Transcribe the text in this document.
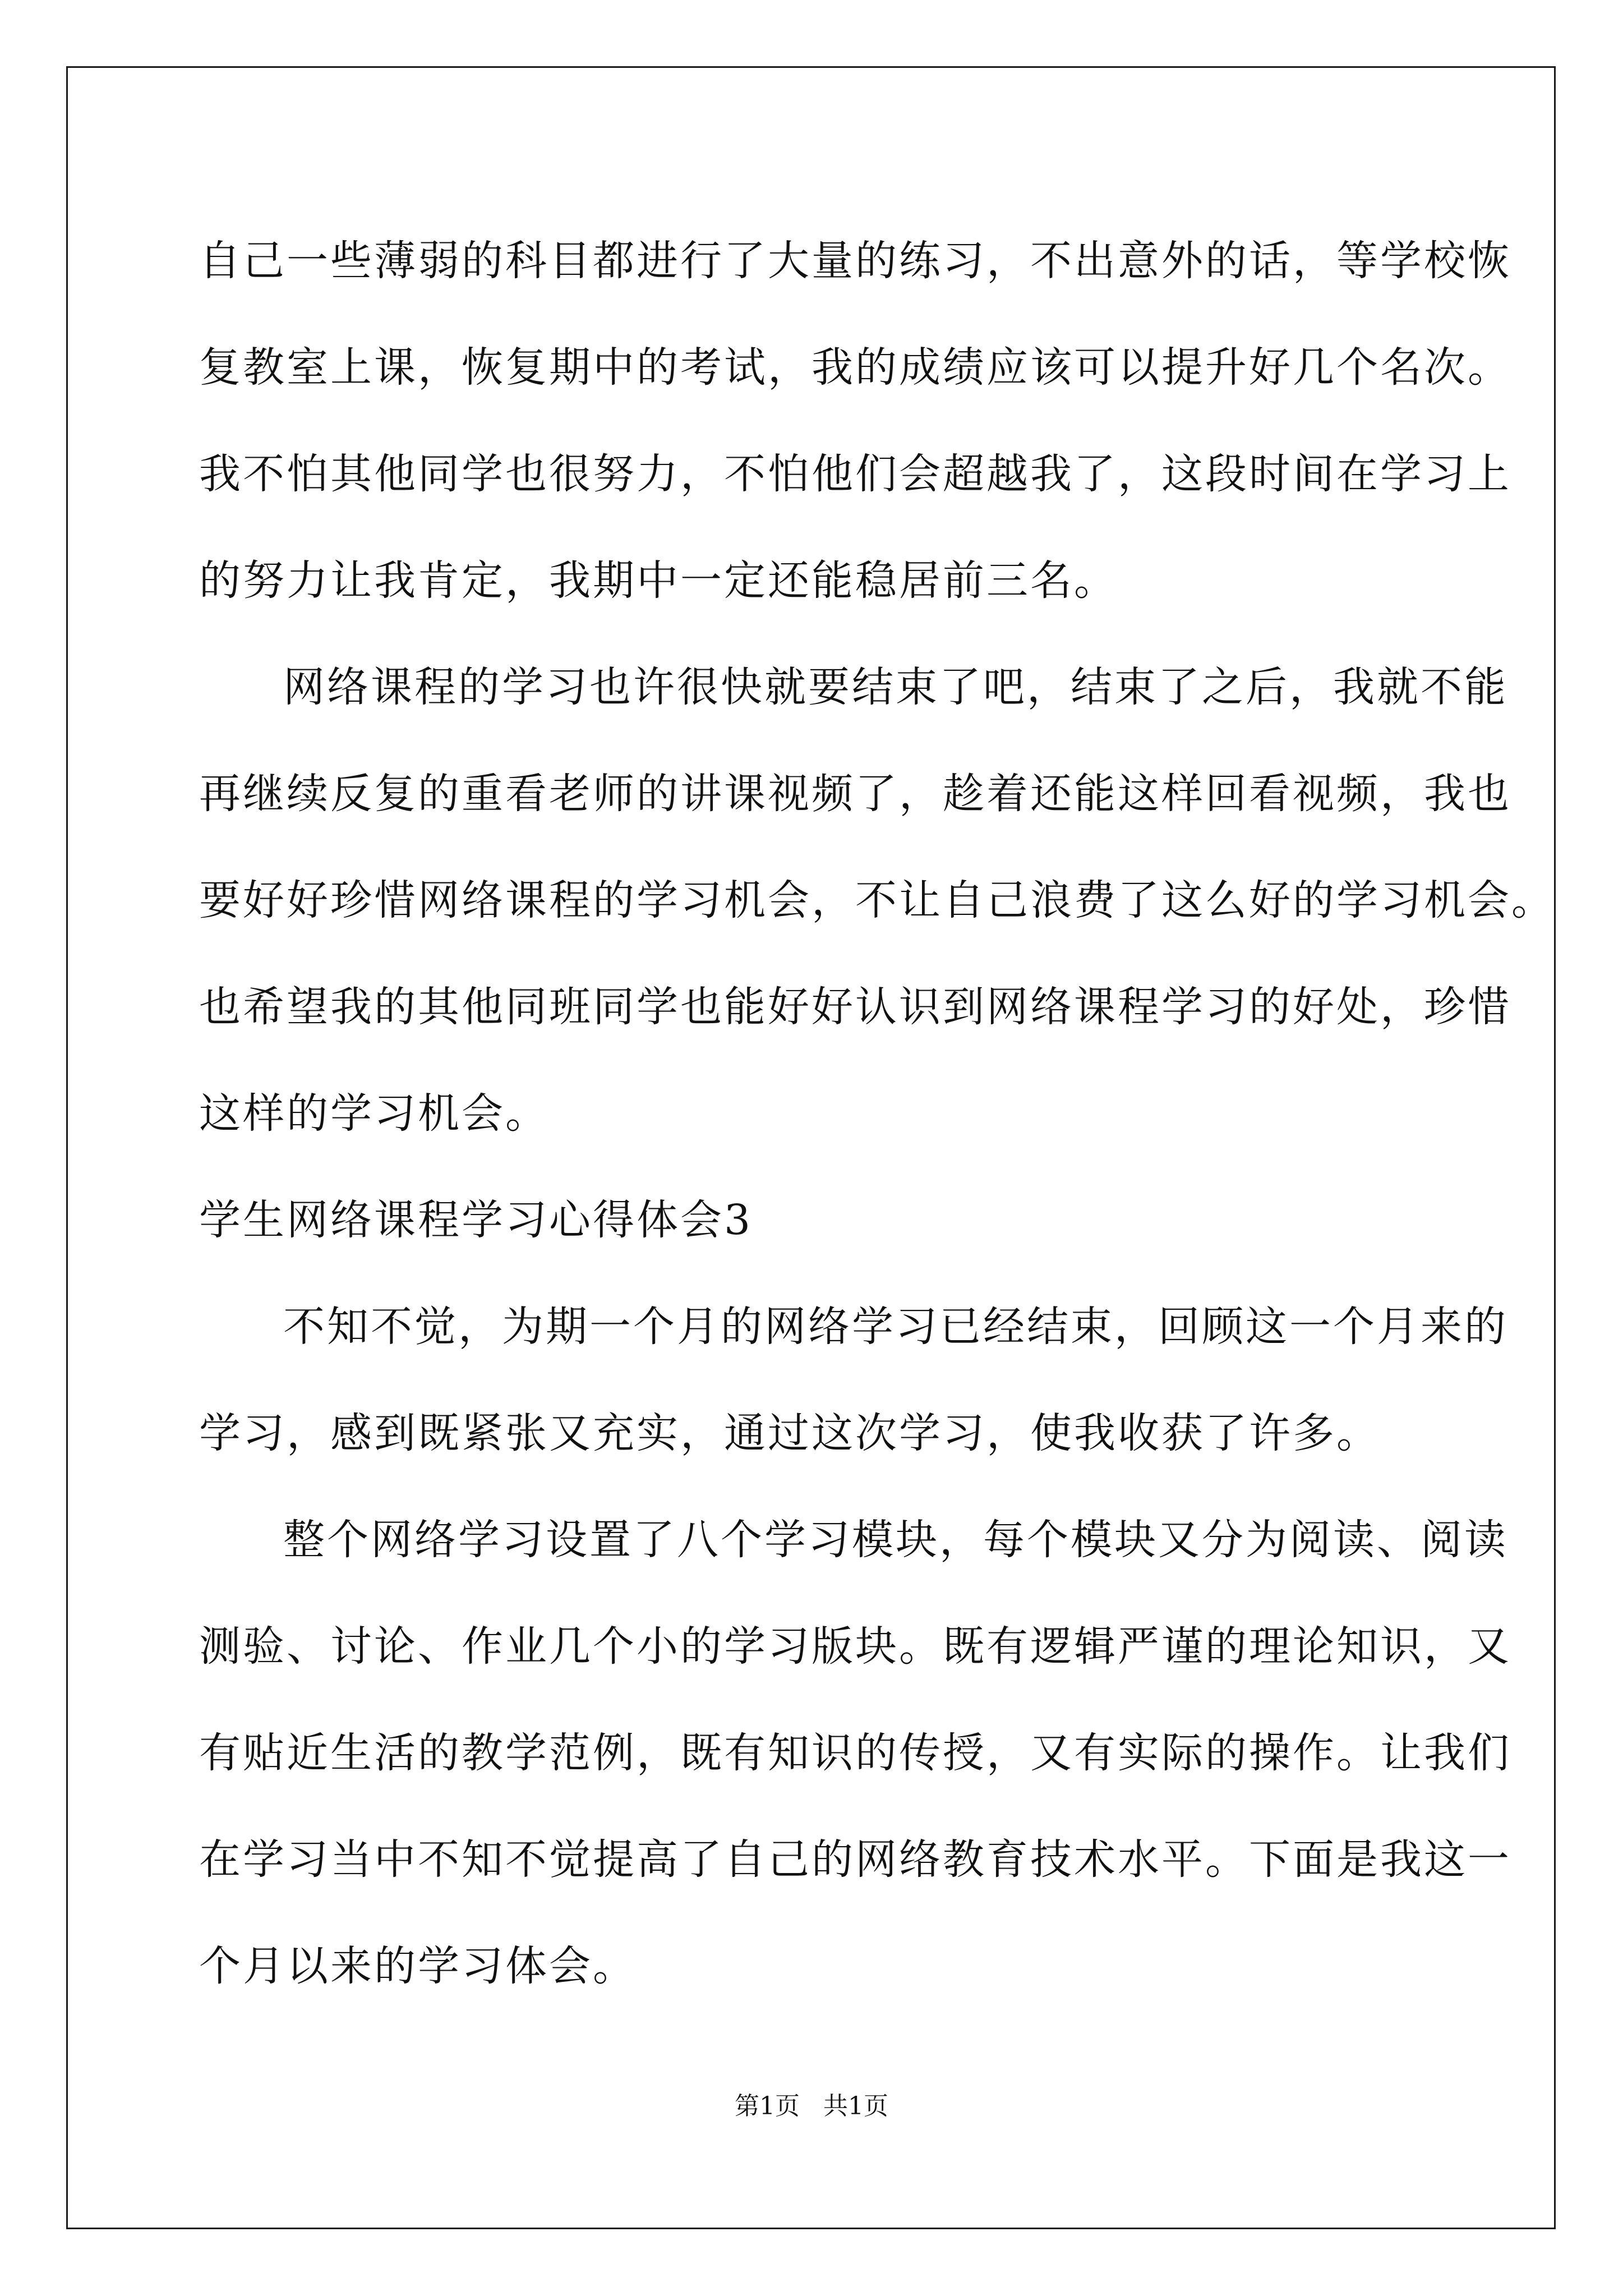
自己一些薄弱的科目都进行了大量的练习，不出意外的话，等学校恢
复教室上课，恢复期中的考试，我的成绩应该可以提升好几个名次。
我不怕其他同学也很努力，不怕他们会超越我了，这段时间在学习上
的努力让我肯定，我期中一定还能稳居前三名。
网络课程的学习也许很快就要结束了吧，结束了之后，我就不能
再继续反复的重看老师的讲课视频了，趁着还能这样回看视频，我也
要好好珍惜网络课程的学习机会，不让自己浪费了这么好的学习机会。
也希望我的其他同班同学也能好好认识到网络课程学习的好处，珍惜
这样的学习机会。
学生网络课程学习心得体会3
不知不觉，为期一个月的网络学习已经结束，回顾这一个月来的
学习，感到既紧张又充实，通过这次学习，使我收获了许多。
整个网络学习设置了八个学习模块，每个模块又分为阅读、阅读
测验、讨论、作业几个小的学习版块。既有逻辑严谨的理论知识，又
有贴近生活的教学范例，既有知识的传授，又有实际的操作。让我们
在学习当中不知不觉提高了自己的网络教育技术水平。下面是我这一
个月以来的学习体会。
第1页   共1页
